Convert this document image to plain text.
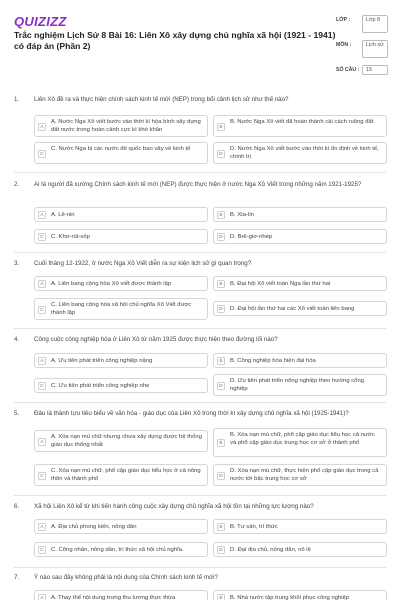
QUIZIZZ
Trắc nghiệm Lịch Sử 8 Bài 16: Liên Xô xây dựng chủ nghĩa xã hội (1921 - 1941) có đáp án (Phần 2)
LỚP :	Lớp 8
MÔN :	Lịch sử
SỐ CÂU :	15
1. Liên Xô đề ra và thực hiện chính sách kinh tế mới (NEP) trong bối cảnh lịch sử như thế nào?
A
A. Nước Nga Xô viết bước vào thời kì hòa bình xây dựng đất nước trong hoàn cảnh cực kì khó khăn	B
B. Nước Nga Xô viết đã hoàn thành cải cách ruộng đất
C
C. Nước Nga bị các nước đế quốc bao vây về kinh tế
D
D. Nước Nga Xô viết bước vào thời kì ổn định về kinh tế, chính trị
2. Ai là người đã xướng Chính sách kinh tế mới (NEP) được thực hiện ở nước Nga Xô Viết trong những năm 1921-1925?
A	A. Lê-nin	B	B. Xta-lin
C	C. Khơ-rút-sốp	D	D. Brê-giơ-nhép
3. Cuối tháng 12-1922, ở nước Nga Xô Viết diễn ra sự kiện lịch sử gì quan trọng?
A	A. Liên bang cộng hòa Xô viết được thành lập	B	B. Đại hội Xô viết toàn Nga lần thứ hai
C
C. Liên bang cộng hòa xã hội chủ nghĩa Xô Viết được thành lập	D	D. Đại hội lần thứ hai các Xô viết toàn liên bang
4. Công cuộc công nghiệp hóa ở Liên Xô từ năm 1925 được thực hiện theo đường lối nào?
A	A. Ưu tiên phát triển công nghiệp nặng	B	B. Công nghiệp hóa hiện đại hóa
C	C. Ưu tiên phát triển công nghiệp nhẹ	D
D. Ưu tiên phát triển nông nghiệp theo hướng công nghiệp
5. Đâu là thành tựu tiêu biểu về văn hóa - giáo dục của Liên Xô trong thời kì xây dựng chủ nghĩa xã hội (1925-1941)?
A
A. Xóa nạn mù chữ nhưng chưa xây dựng được hệ thống giáo dục thống nhất	B
B. Xóa nạn mù chữ, phổ cập giáo dục tiểu học cả nước và phổ cập giáo dục trung học cơ sở ở thành phố
C
C. Xóa nạn mù chữ, phổ cập giáo dục tiểu học ở cả nông thôn và thành phố	D
D. Xóa nạn mù chữ, thực hiện phổ cập giáo dục trong cả nước tới bậc trung học cơ sở
6. Xã hội Liên Xô kể từ khi tiến hành công cuộc xây dựng chủ nghĩa xã hội tồn tại những lực lượng nào?
A	A. Địa chủ phong kiến, nông dân	B	B. Tư sản, trí thức
C	C. Công nhân, nông dân, trí thức xã hội chủ nghĩa.	D	D. Đại địa chủ, nông dân, nô lệ
7. Ý nào sau đây không phải là nội dung của Chính sách kinh tế mới?
A	A. Thay thế nội dung trưng thu lương thực thừa	B	B. Nhà nước tập trung khôi phục công nghiệp
